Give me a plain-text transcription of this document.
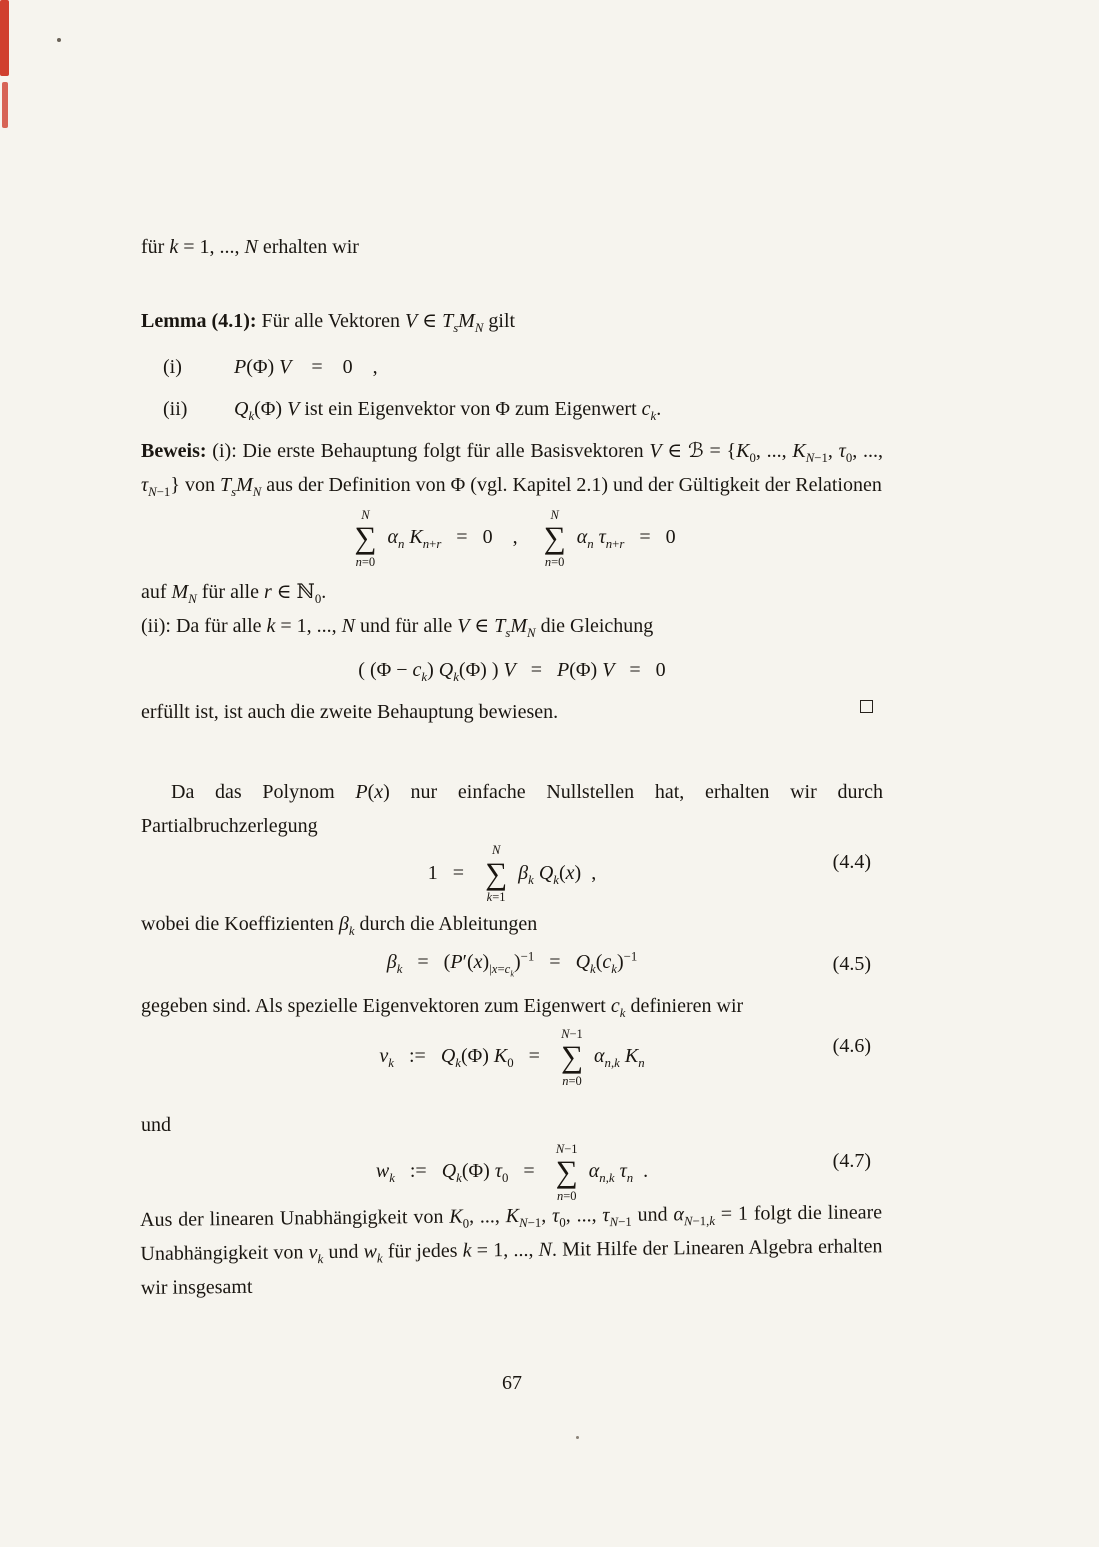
für k = 1, ..., N erhalten wir

Lemma (4.1): Für alle Vektoren V ∈ $T_sM_N$ gilt

(i)	P(Φ) V = 0 ,
(ii)	$Q_k(\Phi)$ V ist ein Eigenvektor von Φ zum Eigenwert $c_k$.

Beweis: (i): Die erste Behauptung folgt für alle Basisvektoren V ∈ ℬ = {$K_0$, ..., $K_{N-1}$, $\tau_0$, ..., $\tau_{N-1}$} von $T_sM_N$ aus der Definition von Φ (vgl. Kapitel 2.1) und der Gültigkeit der Relationen

N
∑
n=0
$\alpha_n$ $K_{n+r}$  =  0 , 
N
∑
n=0
$\alpha_n$ $\tau_{n+r}$  =  0

auf $M_N$ für alle r ∈ ℕ$_0$.

(ii): Da für alle k = 1, ..., N und für alle V ∈ $T_sM_N$ die Gleichung

( $(\Phi - c_k)$ $Q_k(\Phi)$ ) V  =  P(Φ) V  =  0
erfüllt ist, ist auch die zweite Behauptung bewiesen.

Da das Polynom P(x) nur einfache Nullstellen hat, erhalten wir durch Partialbruchzerlegung

1  = 
N
∑
k=1
$\beta_k$ $Q_k(x)$  ,	(4.4)

wobei die Koeffizienten $\beta_k$ durch die Ableitungen

$\beta_k$  =  $(P'(x)_{|x=c_k})^{-1}$  =  $Q_k(c_k)^{-1}$	(4.5)

gegeben sind. Als spezielle Eigenvektoren zum Eigenwert $c_k$ definieren wir

$v_k$  :=  $Q_k(\Phi)$ $K_0$  = 
N−1
∑
n=0
$\alpha_{n,k}$ $K_n$
(4.6)

und

$w_k$  :=  $Q_k(\Phi)$ $\tau_0$  = 
N−1
∑
n=0
$\alpha_{n,k}$ $\tau_n$  .	(4.7)

Aus der linearen Unabhängigkeit von $K_0$, ..., $K_{N-1}$, $\tau_0$, ..., $\tau_{N-1}$ und $\alpha_{N-1,k} = 1$ folgt die lineare Unabhängigkeit von $v_k$ und $w_k$ für jedes k = 1, ..., N. Mit Hilfe der Linearen Algebra erhalten wir insgesamt

67
